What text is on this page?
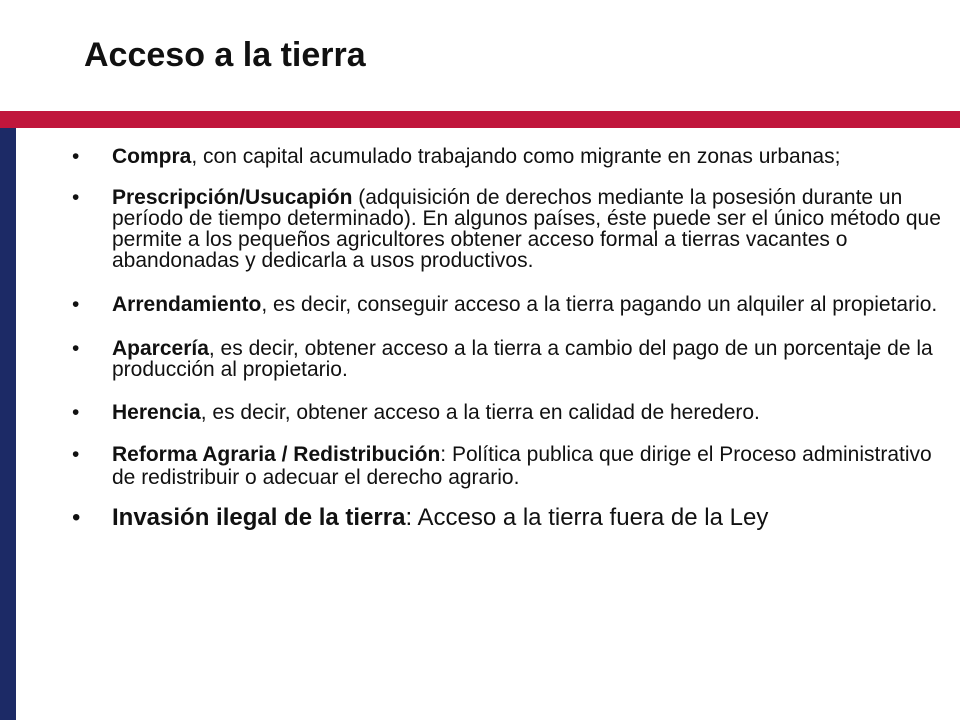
Acceso a la tierra
• Compra, con capital acumulado trabajando como migrante en zonas urbanas;
• Prescripción/Usucapión (adquisición de derechos mediante la posesión durante un período de tiempo determinado). En algunos países, éste puede ser el único método que permite a los pequeños agricultores obtener acceso formal a tierras vacantes o abandonadas y dedicarla a usos productivos.
• Arrendamiento, es decir, conseguir acceso a la tierra pagando un alquiler al propietario.
• Aparcería, es decir, obtener acceso a la tierra a cambio del pago de un porcentaje de la producción al propietario.
• Herencia, es decir, obtener acceso a la tierra en calidad de heredero.
• Reforma Agraria / Redistribución: Política publica que dirige el Proceso administrativo de redistribuir o adecuar el derecho agrario.
• Invasión ilegal de la tierra: Acceso a la tierra fuera de la Ley
